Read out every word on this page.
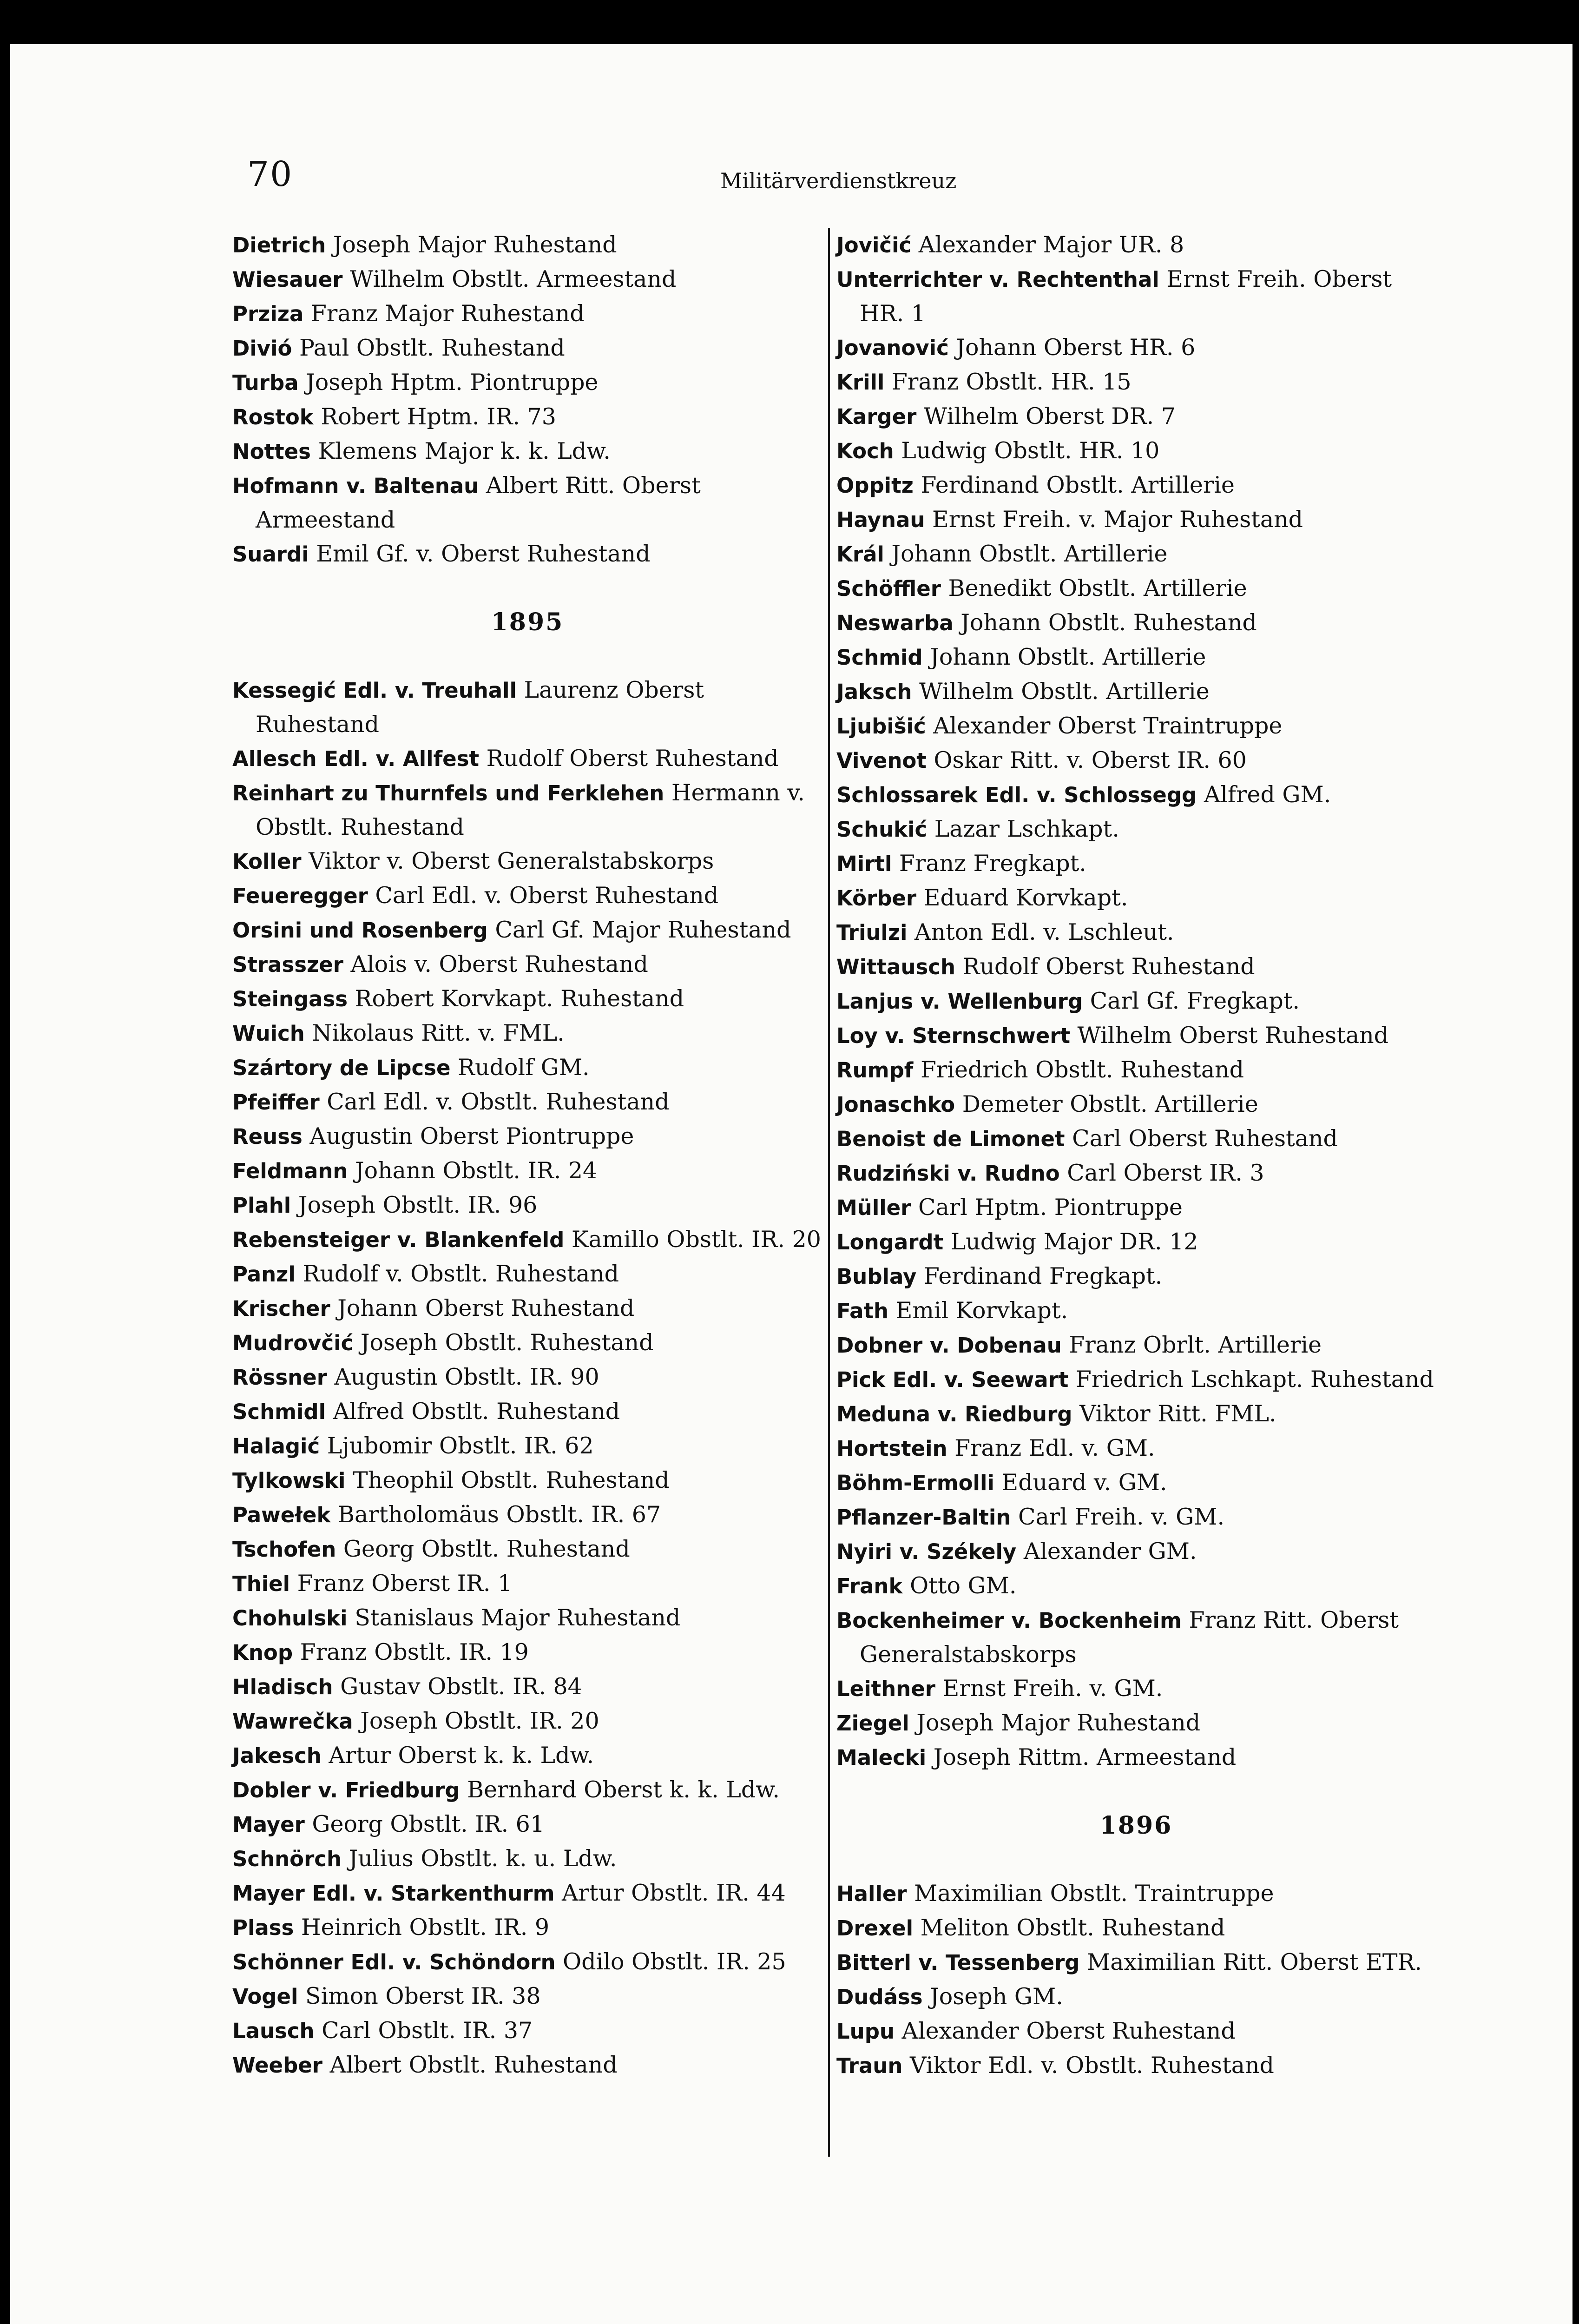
70	Militärverdienstkreuz
Dietrich Joseph Major Ruhestand
Wiesauer Wilhelm Obstlt. Armeestand
Prziza Franz Major Ruhestand
Divió Paul Obstlt. Ruhestand
Turba Joseph Hptm. Piontruppe
Rostok Robert Hptm. IR. 73
Nottes Klemens Major k. k. Ldw.
Hofmann v. Baltenau Albert Ritt. Oberst Armeestand
Suardi Emil Gf. v. Oberst Ruhestand
1895
Kessegić Edl. v. Treuhall Laurenz Oberst Ruhestand
Allesch Edl. v. Allfest Rudolf Oberst Ruhestand
Reinhart zu Thurnfels und Ferklehen Hermann v. Obstlt. Ruhestand
Koller Viktor v. Oberst Generalstabskorps
Feueregger Carl Edl. v. Oberst Ruhestand
Orsini und Rosenberg Carl Gf. Major Ruhestand
Strasszer Alois v. Oberst Ruhestand
Steingass Robert Korvkapt. Ruhestand
Wuich Nikolaus Ritt. v. FML.
Szártory de Lipcse Rudolf GM.
Pfeiffer Carl Edl. v. Obstlt. Ruhestand
Reuss Augustin Oberst Piontruppe
Feldmann Johann Obstlt. IR. 24
Plahl Joseph Obstlt. IR. 96
Rebensteiger v. Blankenfeld Kamillo Obstlt. IR. 20
Panzl Rudolf v. Obstlt. Ruhestand
Krischer Johann Oberst Ruhestand
Mudrovčić Joseph Obstlt. Ruhestand
Rössner Augustin Obstlt. IR. 90
Schmidl Alfred Obstlt. Ruhestand
Halagić Ljubomir Obstlt. IR. 62
Tylkowski Theophil Obstlt. Ruhestand
Pawełek Bartholomäus Obstlt. IR. 67
Tschofen Georg Obstlt. Ruhestand
Thiel Franz Oberst IR. 1
Chohulski Stanislaus Major Ruhestand
Knop Franz Obstlt. IR. 19
Hladisch Gustav Obstlt. IR. 84
Wawrečka Joseph Obstlt. IR. 20
Jakesch Artur Oberst k. k. Ldw.
Dobler v. Friedburg Bernhard Oberst k. k. Ldw.
Mayer Georg Obstlt. IR. 61
Schnörch Julius Obstlt. k. u. Ldw.
Mayer Edl. v. Starkenthurm Artur Obstlt. IR. 44
Plass Heinrich Obstlt. IR. 9
Schönner Edl. v. Schöndorn Odilo Obstlt. IR. 25
Vogel Simon Oberst IR. 38
Lausch Carl Obstlt. IR. 37
Weeber Albert Obstlt. Ruhestand
Jovičić Alexander Major UR. 8
Unterrichter v. Rechtenthal Ernst Freih. Oberst HR. 1
Jovanović Johann Oberst HR. 6
Krill Franz Obstlt. HR. 15
Karger Wilhelm Oberst DR. 7
Koch Ludwig Obstlt. HR. 10
Oppitz Ferdinand Obstlt. Artillerie
Haynau Ernst Freih. v. Major Ruhestand
Král Johann Obstlt. Artillerie
Schöffler Benedikt Obstlt. Artillerie
Neswarba Johann Obstlt. Ruhestand
Schmid Johann Obstlt. Artillerie
Jaksch Wilhelm Obstlt. Artillerie
Ljubišić Alexander Oberst Traintruppe
Vivenot Oskar Ritt. v. Oberst IR. 60
Schlossarek Edl. v. Schlossegg Alfred GM.
Schukić Lazar Lschkapt.
Mirtl Franz Fregkapt.
Körber Eduard Korvkapt.
Triulzi Anton Edl. v. Lschleut.
Wittausch Rudolf Oberst Ruhestand
Lanjus v. Wellenburg Carl Gf. Fregkapt.
Loy v. Sternschwert Wilhelm Oberst Ruhestand
Rumpf Friedrich Obstlt. Ruhestand
Jonaschko Demeter Obstlt. Artillerie
Benoist de Limonet Carl Oberst Ruhestand
Rudziński v. Rudno Carl Oberst IR. 3
Müller Carl Hptm. Piontruppe
Longardt Ludwig Major DR. 12
Bublay Ferdinand Fregkapt.
Fath Emil Korvkapt.
Dobner v. Dobenau Franz Obrlt. Artillerie
Pick Edl. v. Seewart Friedrich Lschkapt. Ruhestand
Meduna v. Riedburg Viktor Ritt. FML.
Hortstein Franz Edl. v. GM.
Böhm-Ermolli Eduard v. GM.
Pflanzer-Baltin Carl Freih. v. GM.
Nyiri v. Székely Alexander GM.
Frank Otto GM.
Bockenheimer v. Bockenheim Franz Ritt. Oberst Generalstabskorps
Leithner Ernst Freih. v. GM.
Ziegel Joseph Major Ruhestand
Malecki Joseph Rittm. Armeestand
1896
Haller Maximilian Obstlt. Traintruppe
Drexel Meliton Obstlt. Ruhestand
Bitterl v. Tessenberg Maximilian Ritt. Oberst ETR.
Dudáss Joseph GM.
Lupu Alexander Oberst Ruhestand
Traun Viktor Edl. v. Obstlt. Ruhestand
